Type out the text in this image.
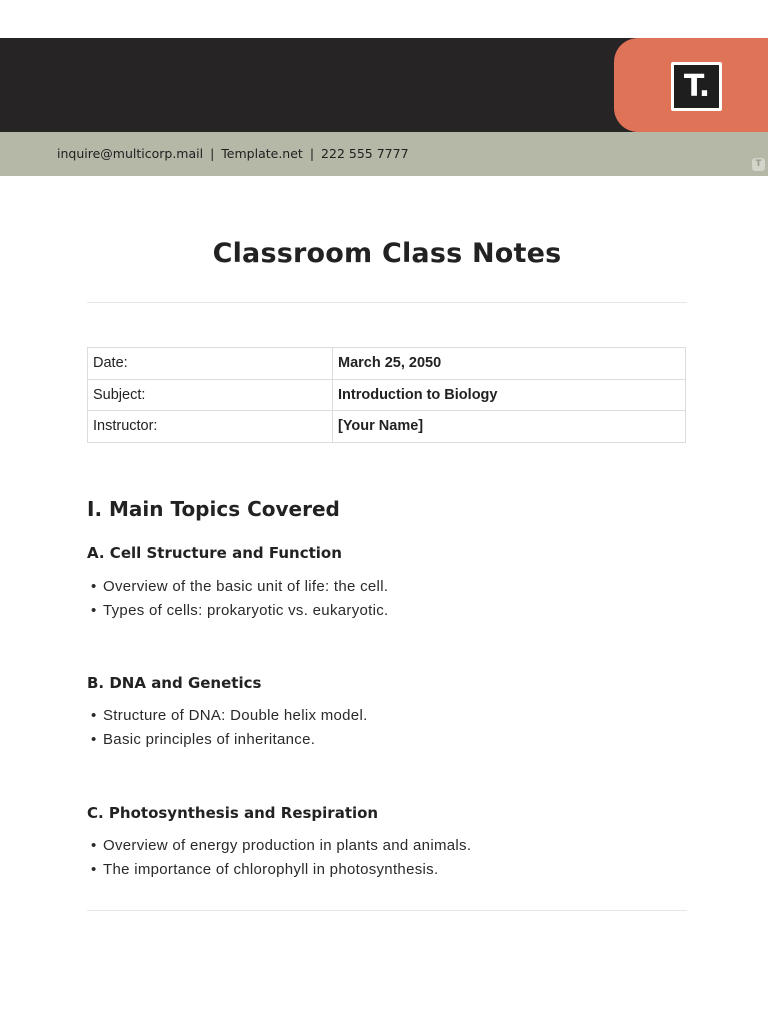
T.
inquire@multicorp.mail | Template.net | 222 555 7777
T
Classroom Class Notes
Date:	March 25, 2050
Subject:	Introduction to Biology
Instructor:	[Your Name]
I. Main Topics Covered
A. Cell Structure and Function
• Overview of the basic unit of life: the cell.
• Types of cells: prokaryotic vs. eukaryotic.
B. DNA and Genetics
• Structure of DNA: Double helix model.
• Basic principles of inheritance.
C. Photosynthesis and Respiration
• Overview of energy production in plants and animals.
• The importance of chlorophyll in photosynthesis.
